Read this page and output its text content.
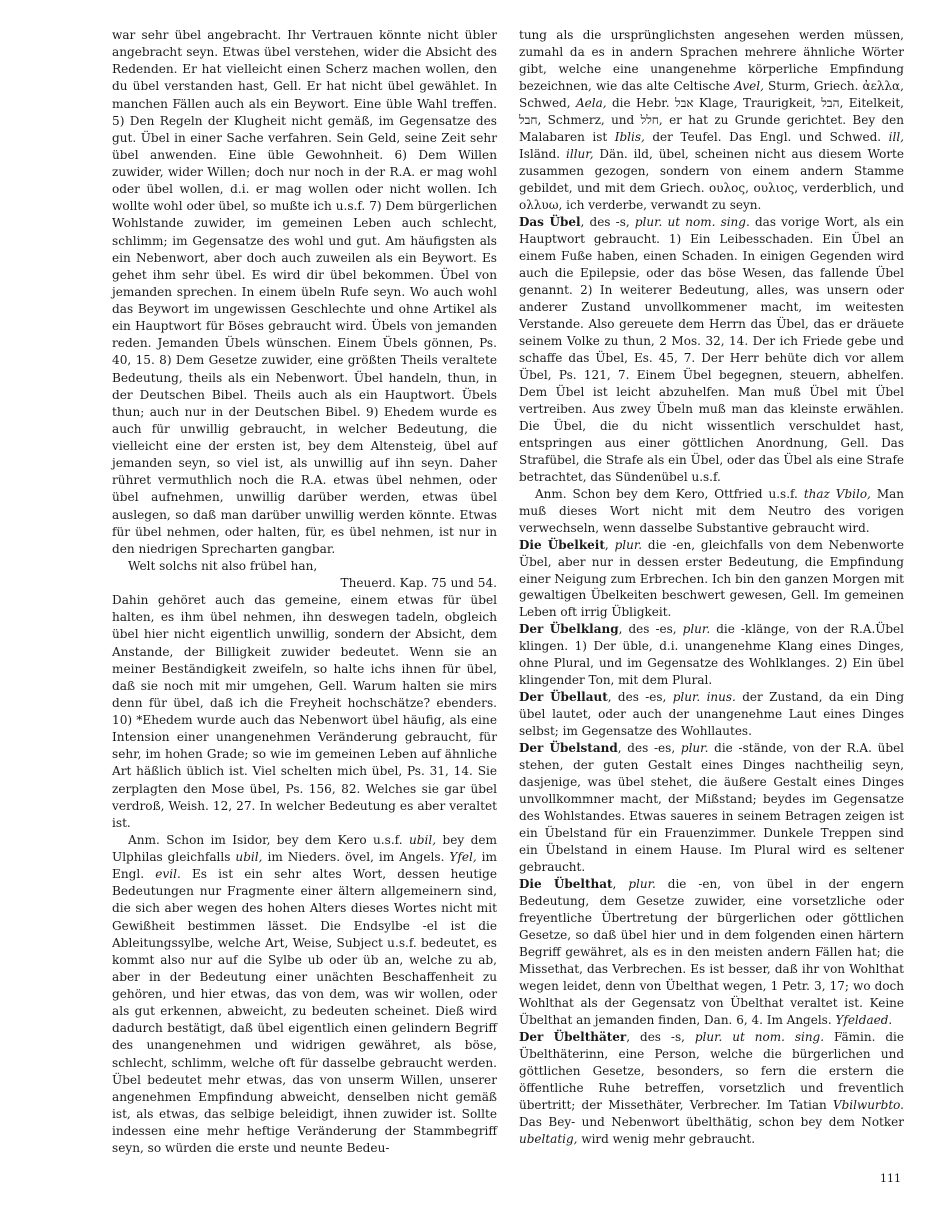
war sehr übel angebracht. Ihr Vertrauen könnte nicht übler angebracht seyn. Etwas übel verstehen, wider die Absicht des Redenden. Er hat vielleicht einen Scherz machen wollen, den du übel verstanden hast, Gell. Er hat nicht übel gewählet. In manchen Fällen auch als ein Beywort. Eine üble Wahl treffen. 5) Den Regeln der Klugheit nicht gemäß, im Gegensatze des gut. Übel in einer Sache verfahren. Sein Geld, seine Zeit sehr übel anwenden. Eine üble Gewohnheit. 6) Dem Willen zuwider, wider Willen; doch nur noch in der R.A. er mag wohl oder übel wollen, d.i. er mag wollen oder nicht wollen. Ich wollte wohl oder übel, so mußte ich u.s.f. 7) Dem bürgerlichen Wohlstande zuwider, im gemeinen Leben auch schlecht, schlimm; im Gegensatze des wohl und gut. Am häufigsten als ein Nebenwort, aber doch auch zuweilen als ein Beywort. Es gehet ihm sehr übel. Es wird dir übel bekommen. Übel von jemanden sprechen. In einem übeln Rufe seyn. Wo auch wohl das Beywort im ungewissen Geschlechte und ohne Artikel als ein Hauptwort für Böses gebraucht wird. Übels von jemanden reden. Jemanden Übels wünschen. Einem Übels gönnen, Ps. 40, 15. 8) Dem Gesetze zuwider, eine größten Theils veraltete Bedeutung, theils als ein Nebenwort. Übel handeln, thun, in der Deutschen Bibel. Theils auch als ein Hauptwort. Übels thun; auch nur in der Deutschen Bibel. 9) Ehedem wurde es auch für unwillig gebraucht, in welcher Bedeutung, die vielleicht eine der ersten ist, bey dem Altensteig, übel auf jemanden seyn, so viel ist, als unwillig auf ihn seyn. Daher rühret vermuthlich noch die R.A. etwas übel nehmen, oder übel aufnehmen, unwillig darüber werden, etwas übel auslegen, so daß man darüber unwillig werden könnte. Etwas für übel nehmen, oder halten, für, es übel nehmen, ist nur in den niedrigen Sprecharten gangbar.

Welt solchs nit also frübel han,

Theuerd. Kap. 75 und 54.

Dahin gehöret auch das gemeine, einem etwas für übel halten, es ihm übel nehmen, ihn deswegen tadeln, obgleich übel hier nicht eigentlich unwillig, sondern der Absicht, dem Anstande, der Billigkeit zuwider bedeutet. Wenn sie an meiner Beständigkeit zweifeln, so halte ichs ihnen für übel, daß sie noch mit mir umgehen, Gell. Warum halten sie mirs denn für übel, daß ich die Freyheit hochschätze? ebenders. 10) *Ehedem wurde auch das Nebenwort übel häufig, als eine Intension einer unangenehmen Veränderung gebraucht, für sehr, im hohen Grade; so wie im gemeinen Leben auf ähnliche Art häßlich üblich ist. Viel schelten mich übel, Ps. 31, 14. Sie zerplagten den Mose übel, Ps. 156, 82. Welches sie gar übel verdroß, Weish. 12, 27. In welcher Bedeutung es aber veraltet ist.

Anm. Schon im Isidor, bey dem Kero u.s.f. ubil, bey dem Ulphilas gleichfalls ubil, im Nieders. övel, im Angels. Yfel, im Engl. evil. Es ist ein sehr altes Wort, dessen heutige Bedeutungen nur Fragmente einer ältern allgemeinern sind, die sich aber wegen des hohen Alters dieses Wortes nicht mit Gewißheit bestimmen lässet. Die Endsylbe -el ist die Ableitungssylbe, welche Art, Weise, Subject u.s.f. bedeutet, es kommt also nur auf die Sylbe ub oder üb an, welche zu ab, aber in der Bedeutung einer unächten Beschaffenheit zu gehören, und hier etwas, das von dem, was wir wollen, oder als gut erkennen, abweicht, zu bedeuten scheinet. Dieß wird dadurch bestätigt, daß übel eigentlich einen gelindern Begriff des unangenehmen und widrigen gewähret, als böse, schlecht, schlimm, welche oft für dasselbe gebraucht werden. Übel bedeutet mehr etwas, das von unserm Willen, unserer angenehmen Empfindung abweicht, denselben nicht gemäß ist, als etwas, das selbige beleidigt, ihnen zuwider ist. Sollte indessen eine mehr heftige Veränderung der Stammbegriff seyn, so würden die erste und neunte Bedeu-

tung als die ursprünglichsten angesehen werden müssen, zumahl da es in andern Sprachen mehrere ähnliche Wörter gibt, welche eine unangenehme körperliche Empfindung bezeichnen, wie das alte Celtische Avel, Sturm, Griech. ἀελλα, Schwed, Aela, die Hebr. אבל Klage, Traurigkeit, הבל, Eitelkeit, חבל, Schmerz, und חלל, er hat zu Grunde gerichtet. Bey den Malabaren ist Iblis, der Teufel. Das Engl. und Schwed. ill, Isländ. illur, Dän. ild, übel, scheinen nicht aus diesem Worte zusammen gezogen, sondern von einem andern Stamme gebildet, und mit dem Griech. ουλος, ουλιος, verderblich, und ολλυω, ich verderbe, verwandt zu seyn.

Das Übel, des -s, plur. ut nom. sing. das vorige Wort, als ein Hauptwort gebraucht. 1) Ein Leibesschaden. Ein Übel an einem Fuße haben, einen Schaden. In einigen Gegenden wird auch die Epilepsie, oder das böse Wesen, das fallende Übel genannt. 2) In weiterer Bedeutung, alles, was unsern oder anderer Zustand unvollkommener macht, im weitesten Verstande. Also gereuete dem Herrn das Übel, das er dräuete seinem Volke zu thun, 2 Mos. 32, 14. Der ich Friede gebe und schaffe das Übel, Es. 45, 7. Der Herr behüte dich vor allem Übel, Ps. 121, 7. Einem Übel begegnen, steuern, abhelfen. Dem Übel ist leicht abzuhelfen. Man muß Übel mit Übel vertreiben. Aus zwey Übeln muß man das kleinste erwählen. Die Übel, die du nicht wissentlich verschuldet hast, entspringen aus einer göttlichen Anordnung, Gell. Das Strafübel, die Strafe als ein Übel, oder das Übel als eine Strafe betrachtet, das Sündenübel u.s.f.

Anm. Schon bey dem Kero, Ottfried u.s.f. thaz Vbilo, Man muß dieses Wort nicht mit dem Neutro des vorigen verwechseln, wenn dasselbe Substantive gebraucht wird.

Die Übelkeit, plur. die -en, gleichfalls von dem Nebenworte Übel, aber nur in dessen erster Bedeutung, die Empfindung einer Neigung zum Erbrechen. Ich bin den ganzen Morgen mit gewaltigen Übelkeiten beschwert gewesen, Gell. Im gemeinen Leben oft irrig Übligkeit.

Der Übelklang, des -es, plur. die -klänge, von der R.A.Übel klingen. 1) Der üble, d.i. unangenehme Klang eines Dinges, ohne Plural, und im Gegensatze des Wohlklanges. 2) Ein übel klingender Ton, mit dem Plural.

Der Übellaut, des -es, plur. inus. der Zustand, da ein Ding übel lautet, oder auch der unangenehme Laut eines Dinges selbst; im Gegensatze des Wohllautes.

Der Übelstand, des -es, plur. die -stände, von der R.A. übel stehen, der guten Gestalt eines Dinges nachtheilig seyn, dasjenige, was übel stehet, die äußere Gestalt eines Dinges unvollkommner macht, der Mißstand; beydes im Gegensatze des Wohlstandes. Etwas saueres in seinem Betragen zeigen ist ein Übelstand für ein Frauenzimmer. Dunkele Treppen sind ein Übelstand in einem Hause. Im Plural wird es seltener gebraucht.

Die Übelthat, plur. die -en, von übel in der engern Bedeutung, dem Gesetze zuwider, eine vorsetzliche oder freyentliche Übertretung der bürgerlichen oder göttlichen Gesetze, so daß übel hier und in dem folgenden einen härtern Begriff gewähret, als es in den meisten andern Fällen hat; die Missethat, das Verbrechen. Es ist besser, daß ihr von Wohlthat wegen leidet, denn von Übelthat wegen, 1 Petr. 3, 17; wo doch Wohlthat als der Gegensatz von Übelthat veraltet ist. Keine Übelthat an jemanden finden, Dan. 6, 4. Im Angels. Yfeldaed.

Der Übelthäter, des -s, plur. ut nom. sing. Fämin. die Übelthäterinn, eine Person, welche die bürgerlichen und göttlichen Gesetze, besonders, so fern die erstern die öffentliche Ruhe betreffen, vorsetzlich und freventlich übertritt; der Missethäter, Verbrecher. Im Tatian Vbilwurbto. Das Bey- und Nebenwort übelthätig, schon bey dem Notker ubeltatig, wird wenig mehr gebraucht.

111
